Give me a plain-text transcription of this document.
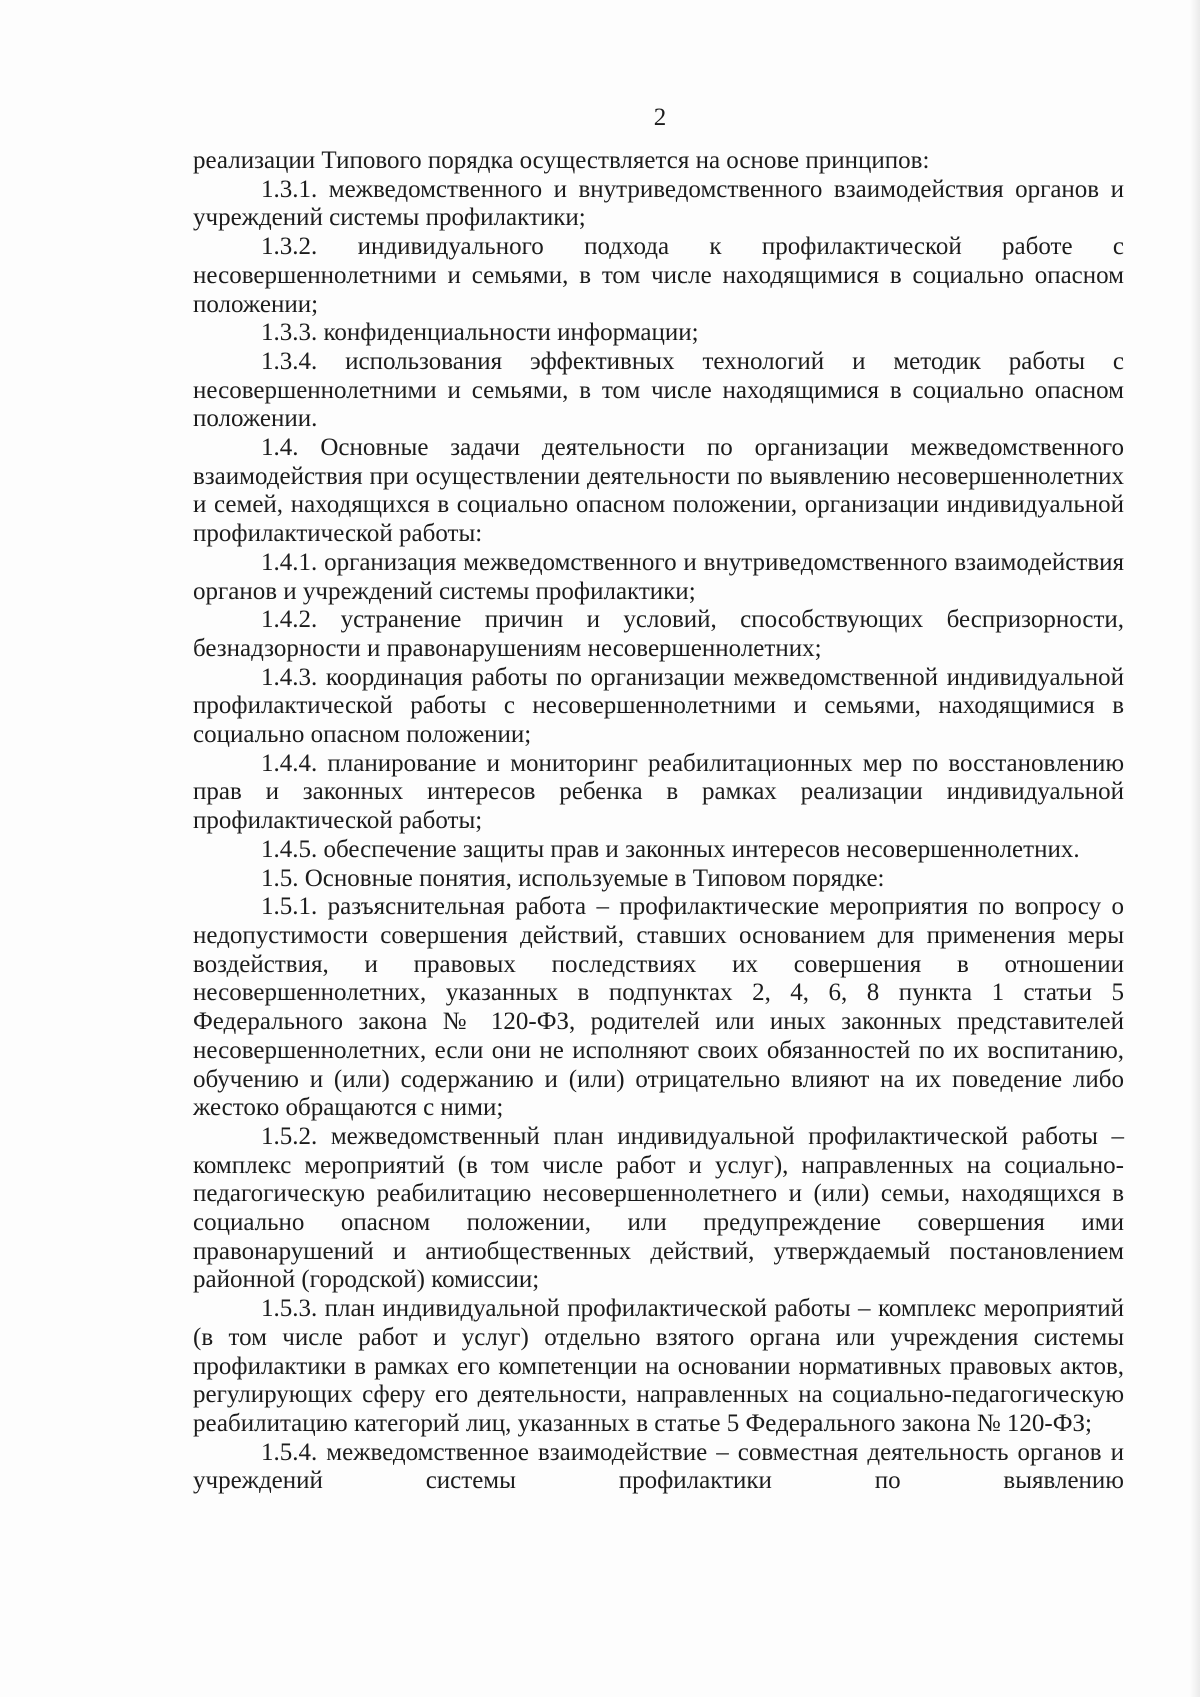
2

реализации Типового порядка осуществляется на основе принципов:

1.3.1. межведомственного и внутриведомственного взаимодействия органов и учреждений системы профилактики;

1.3.2. индивидуального подхода к профилактической работе с несовершеннолетними и семьями, в том числе находящимися в социально опасном положении;

1.3.3. конфиденциальности информации;

1.3.4. использования эффективных технологий и методик работы с несовершеннолетними и семьями, в том числе находящимися в социально опасном положении.

1.4. Основные задачи деятельности по организации межведомственного взаимодействия при осуществлении деятельности по выявлению несовершеннолетних и семей, находящихся в социально опасном положении, организации индивидуальной профилактической работы:

1.4.1. организация межведомственного и внутриведомственного взаимодействия органов и учреждений системы профилактики;

1.4.2. устранение причин и условий, способствующих беспризорности, безнадзорности и правонарушениям несовершеннолетних;

1.4.3. координация работы по организации межведомственной индивидуальной профилактической работы с несовершеннолетними и семьями, находящимися в социально опасном положении;

1.4.4. планирование и мониторинг реабилитационных мер по восстановлению прав и законных интересов ребенка в рамках реализации индивидуальной профилактической работы;

1.4.5. обеспечение защиты прав и законных интересов несовершеннолетних.

1.5. Основные понятия, используемые в Типовом порядке:

1.5.1. разъяснительная работа – профилактические мероприятия по вопросу о недопустимости совершения действий, ставших основанием для применения меры воздействия, и правовых последствиях их совершения в отношении несовершеннолетних, указанных в подпунктах 2, 4, 6, 8 пункта 1 статьи 5 Федерального закона № 120-ФЗ, родителей или иных законных представителей несовершеннолетних, если они не исполняют своих обязанностей по их воспитанию, обучению и (или) содержанию и (или) отрицательно влияют на их поведение либо жестоко обращаются с ними;

1.5.2. межведомственный план индивидуальной профилактической работы – комплекс мероприятий (в том числе работ и услуг), направленных на социально-педагогическую реабилитацию несовершеннолетнего и (или) семьи, находящихся в социально опасном положении, или предупреждение совершения ими правонарушений и антиобщественных действий, утверждаемый постановлением районной (городской) комиссии;

1.5.3. план индивидуальной профилактической работы – комплекс мероприятий (в том числе работ и услуг) отдельно взятого органа или учреждения системы профилактики в рамках его компетенции на основании нормативных правовых актов, регулирующих сферу его деятельности, направленных на социально-педагогическую реабилитацию категорий лиц, указанных в статье 5 Федерального закона № 120-ФЗ;

1.5.4. межведомственное взаимодействие – совместная деятельность органов и учреждений системы профилактики по выявлению
